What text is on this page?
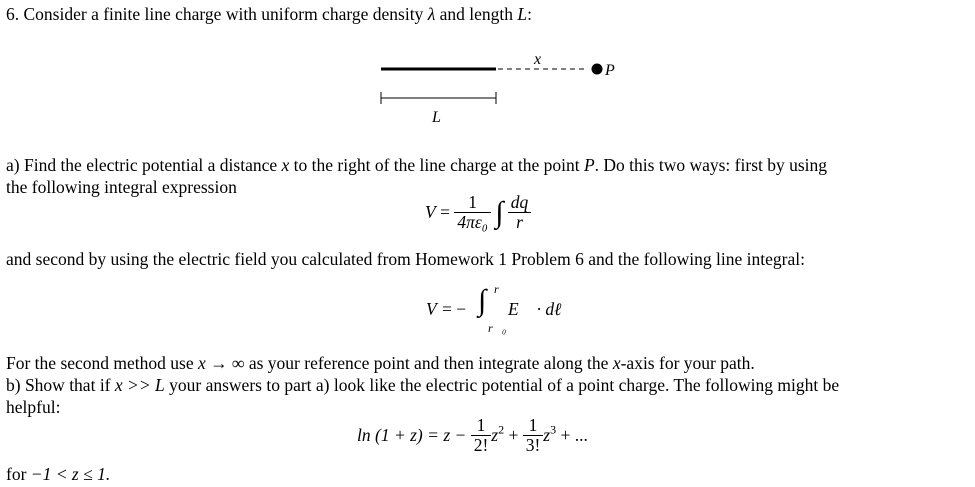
6. Consider a finite line charge with uniform charge density λ and length L:
x
P
L
a) Find the electric potential a distance x to the right of the line charge at the point P. Do this two ways: first by using
the following integral expression
$V = \frac{1}{\text{4πε₀}}$ ∫ $\frac{dq}{r}$
and second by using the electric field you calculated from Homework 1 Problem 6 and the following line integral:
V = − ∫ r⃗
r⃗₀
E⃗ · dℓ⃗
For the second method use x → ∞ as your reference point and then integrate along the x-axis for your path.
b) Show that if x >> L your answers to part a) look like the electric potential of a point charge. The following might be
helpful:
$\ln (1 + z) = z - \frac{1}{2!} z^2 + \frac{1}{3!} z^3$ + ...
for −1 < z ≤ 1.
